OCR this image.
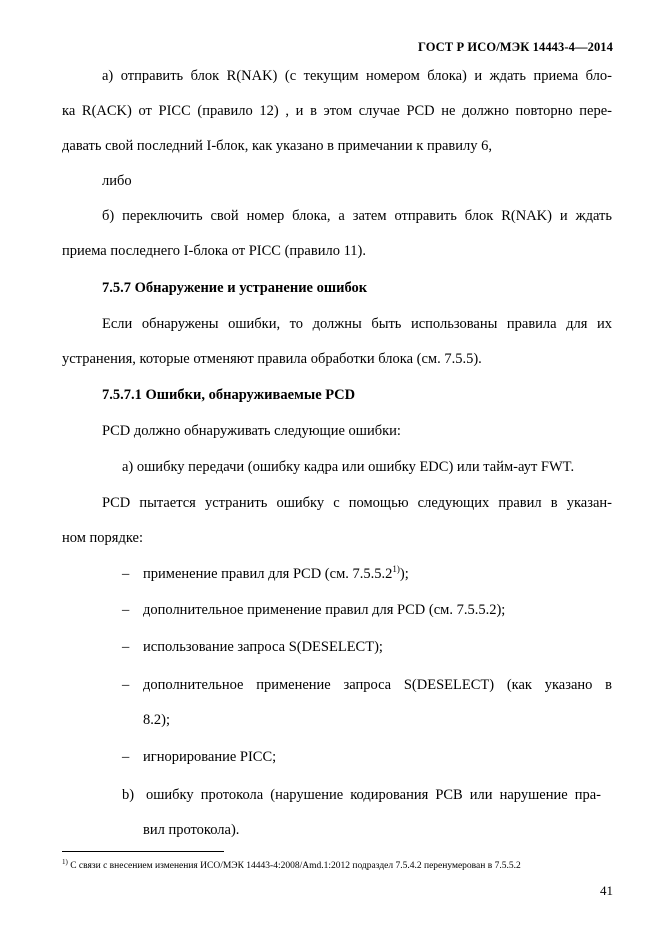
ГОСТ Р ИСО/МЭК 14443-4—2014
а) отправить блок R(NAK) (с текущим номером блока) и ждать приема бло-
ка R(ACK) от PICC (правило 12) , и в этом случае PCD не должно повторно пере-
давать свой последний I-блок, как указано в примечании к правилу 6,
либо
б) переключить свой номер блока, а затем отправить блок R(NAK) и ждать
приема последнего I-блока от PICC (правило 11).
7.5.7 Обнаружение и устранение ошибок
Если обнаружены ошибки, то должны быть использованы правила для их
устранения, которые отменяют правила обработки блока (см. 7.5.5).
7.5.7.1 Ошибки, обнаруживаемые PCD
PCD должно обнаруживать следующие ошибки:
a) ошибку передачи (ошибку кадра или ошибку EDC) или тайм-аут FWT.
PCD пытается устранить ошибку с помощью следующих правил в указан-
ном порядке:
– применение правил для PCD (см. 7.5.5.2$^{1)}$);
– дополнительное применение правил для PCD (см. 7.5.5.2);
– использование запроса S(DESELECT);
– дополнительное применение запроса S(DESELECT) (как указано в
8.2);
– игнорирование PICC;
b) ошибку протокола (нарушение кодирования PCB или нарушение пра-
вил протокола).
$^{1)}$ С связи с внесением изменения ИСО/МЭК 14443-4:2008/Amd.1:2012 подраздел 7.5.4.2 перенумерован в 7.5.5.2
41
